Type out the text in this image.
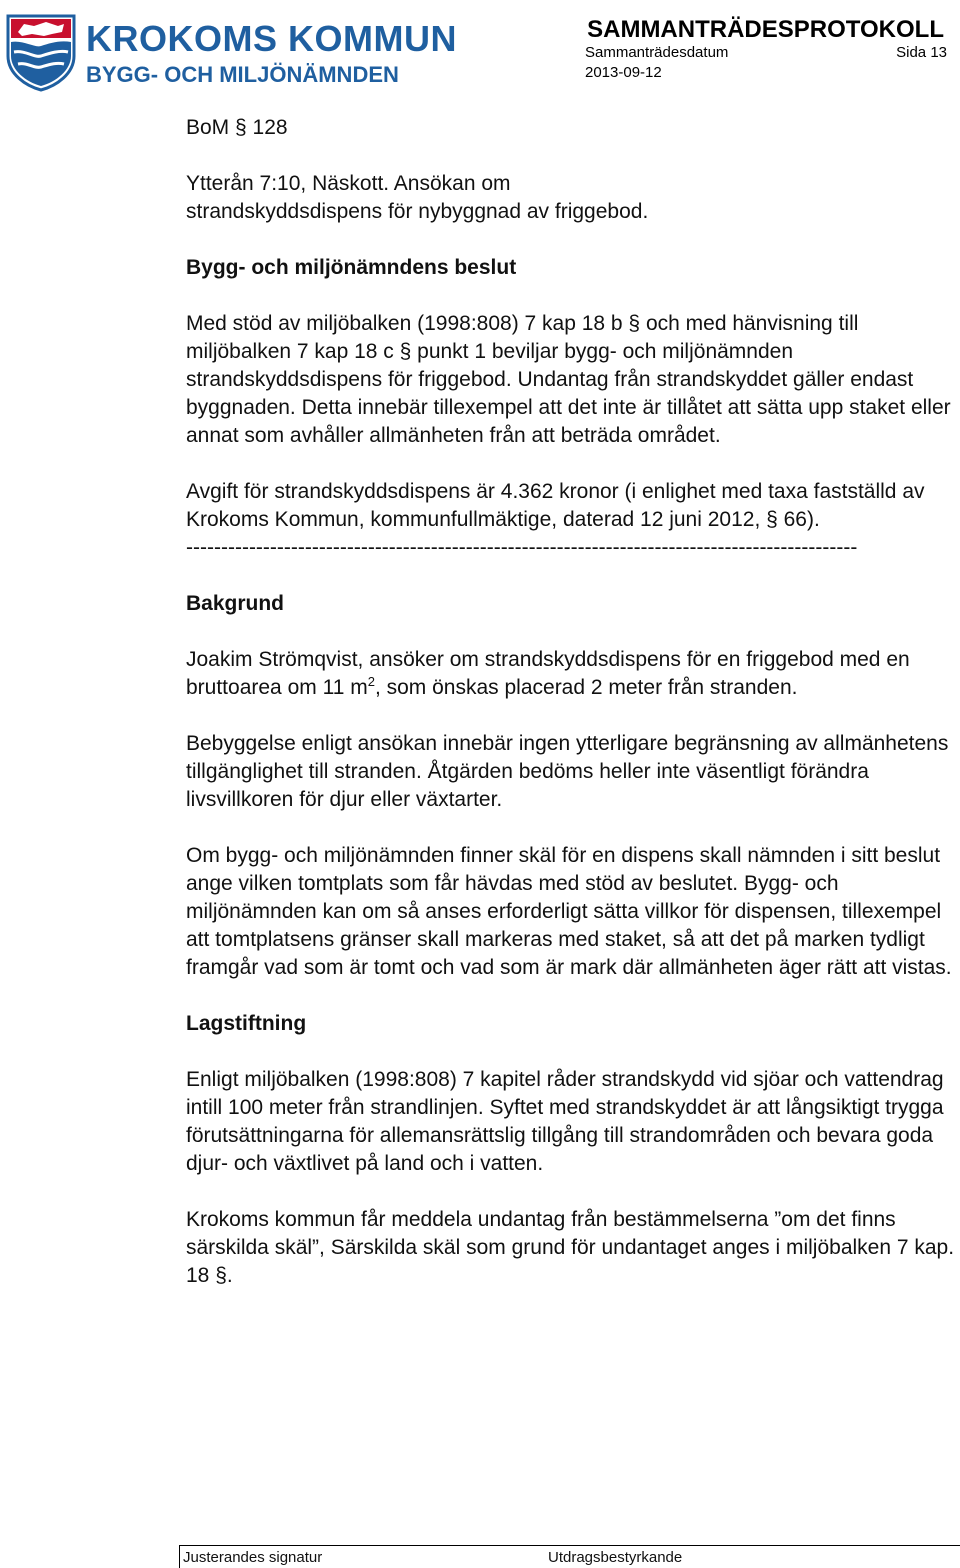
KROKOMS KOMMUN
BYGG- OCH MILJÖNÄMNDEN
SAMMANTRÄDESPROTOKOLL
Sammanträdesdatum	Sida 13
2013-09-12

BoM § 128

Ytterån 7:10, Näskott. Ansökan om

strandskyddsdispens för nybyggnad av friggebod.

Bygg- och miljönämndens beslut

Med stöd av miljöbalken (1998:808) 7 kap 18 b § och med hänvisning till miljöbalken 7 kap 18 c § punkt 1 beviljar bygg- och miljönämnden strandskyddsdispens för friggebod. Undantag från strandskyddet gäller endast byggnaden. Detta innebär tillexempel att det inte är tillåtet att sätta upp staket eller annat som avhåller allmänheten från att beträda området.

Avgift för strandskyddsdispens är 4.362 kronor (i enlighet med taxa fastställd av Krokoms Kommun, kommunfullmäktige, daterad 12 juni 2012, § 66).

------------------------------------------------------------------------------------------------

Bakgrund

Joakim Strömqvist, ansöker om strandskyddsdispens för en friggebod med en bruttoarea om 11 $m^2$, som önskas placerad 2 meter från stranden.

Bebyggelse enligt ansökan innebär ingen ytterligare begränsning av allmänhetens tillgänglighet till stranden. Åtgärden bedöms heller inte väsentligt förändra livsvillkoren för djur eller växtarter.

Om bygg- och miljönämnden finner skäl för en dispens skall nämnden i sitt beslut ange vilken tomtplats som får hävdas med stöd av beslutet. Bygg- och miljönämnden kan om så anses erforderligt sätta villkor för dispensen, tillexempel att tomtplatsens gränser skall markeras med staket, så att det på marken tydligt framgår vad som är tomt och vad som är mark där allmänheten äger rätt att vistas.

Lagstiftning

Enligt miljöbalken (1998:808) 7 kapitel råder strandskydd vid sjöar och vattendrag intill 100 meter från strandlinjen. Syftet med strandskyddet är att långsiktigt trygga förutsättningarna för allemansrättslig tillgång till strandområden och bevara goda djur- och växtlivet på land och i vatten.

Krokoms kommun får meddela undantag från bestämmelserna ”om det finns särskilda skäl”, Särskilda skäl som grund för undantaget anges i miljöbalken 7 kap. 18 §.

Justerandes signatur	Utdragsbestyrkande
